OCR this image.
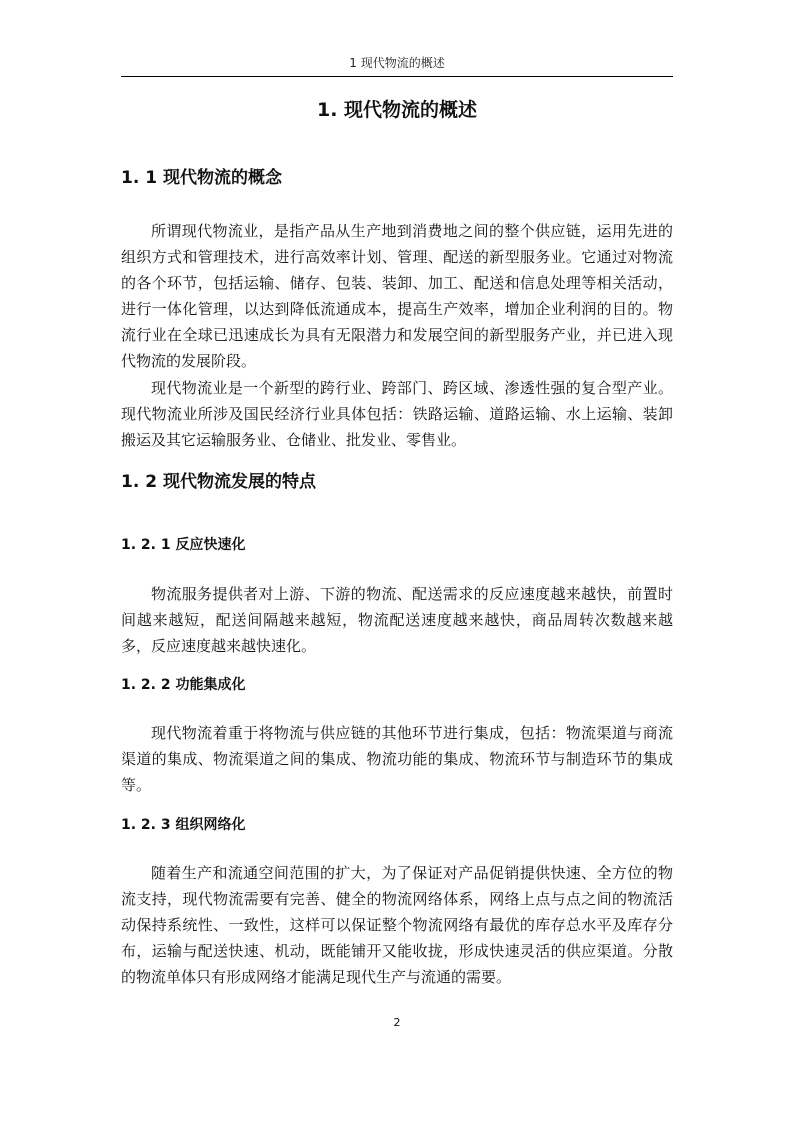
1 现代物流的概述
1. 现代物流的概述
1. 1 现代物流的概念

所谓现代物流业，是指产品从生产地到消费地之间的整个供应链，运用先进的组织方式和管理技术，进行高效率计划、管理、配送的新型服务业。它通过对物流的各个环节，包括运输、储存、包装、装卸、加工、配送和信息处理等相关活动，进行一体化管理，以达到降低流通成本，提高生产效率，增加企业利润的目的。物流行业在全球已迅速成长为具有无限潜力和发展空间的新型服务产业，并已进入现代物流的发展阶段。

现代物流业是一个新型的跨行业、跨部门、跨区域、渗透性强的复合型产业。现代物流业所涉及国民经济行业具体包括：铁路运输、道路运输、水上运输、装卸搬运及其它运输服务业、仓储业、批发业、零售业。

1. 2 现代物流发展的特点
1. 2. 1 反应快速化

物流服务提供者对上游、下游的物流、配送需求的反应速度越来越快，前置时间越来越短，配送间隔越来越短，物流配送速度越来越快，商品周转次数越来越多，反应速度越来越快速化。

1. 2. 2 功能集成化

现代物流着重于将物流与供应链的其他环节进行集成，包括：物流渠道与商流渠道的集成、物流渠道之间的集成、物流功能的集成、物流环节与制造环节的集成等。

1. 2. 3 组织网络化

随着生产和流通空间范围的扩大，为了保证对产品促销提供快速、全方位的物流支持，现代物流需要有完善、健全的物流网络体系，网络上点与点之间的物流活动保持系统性、一致性，这样可以保证整个物流网络有最优的库存总水平及库存分布，运输与配送快速、机动，既能铺开又能收拢，形成快速灵活的供应渠道。分散的物流单体只有形成网络才能满足现代生产与流通的需要。

2
